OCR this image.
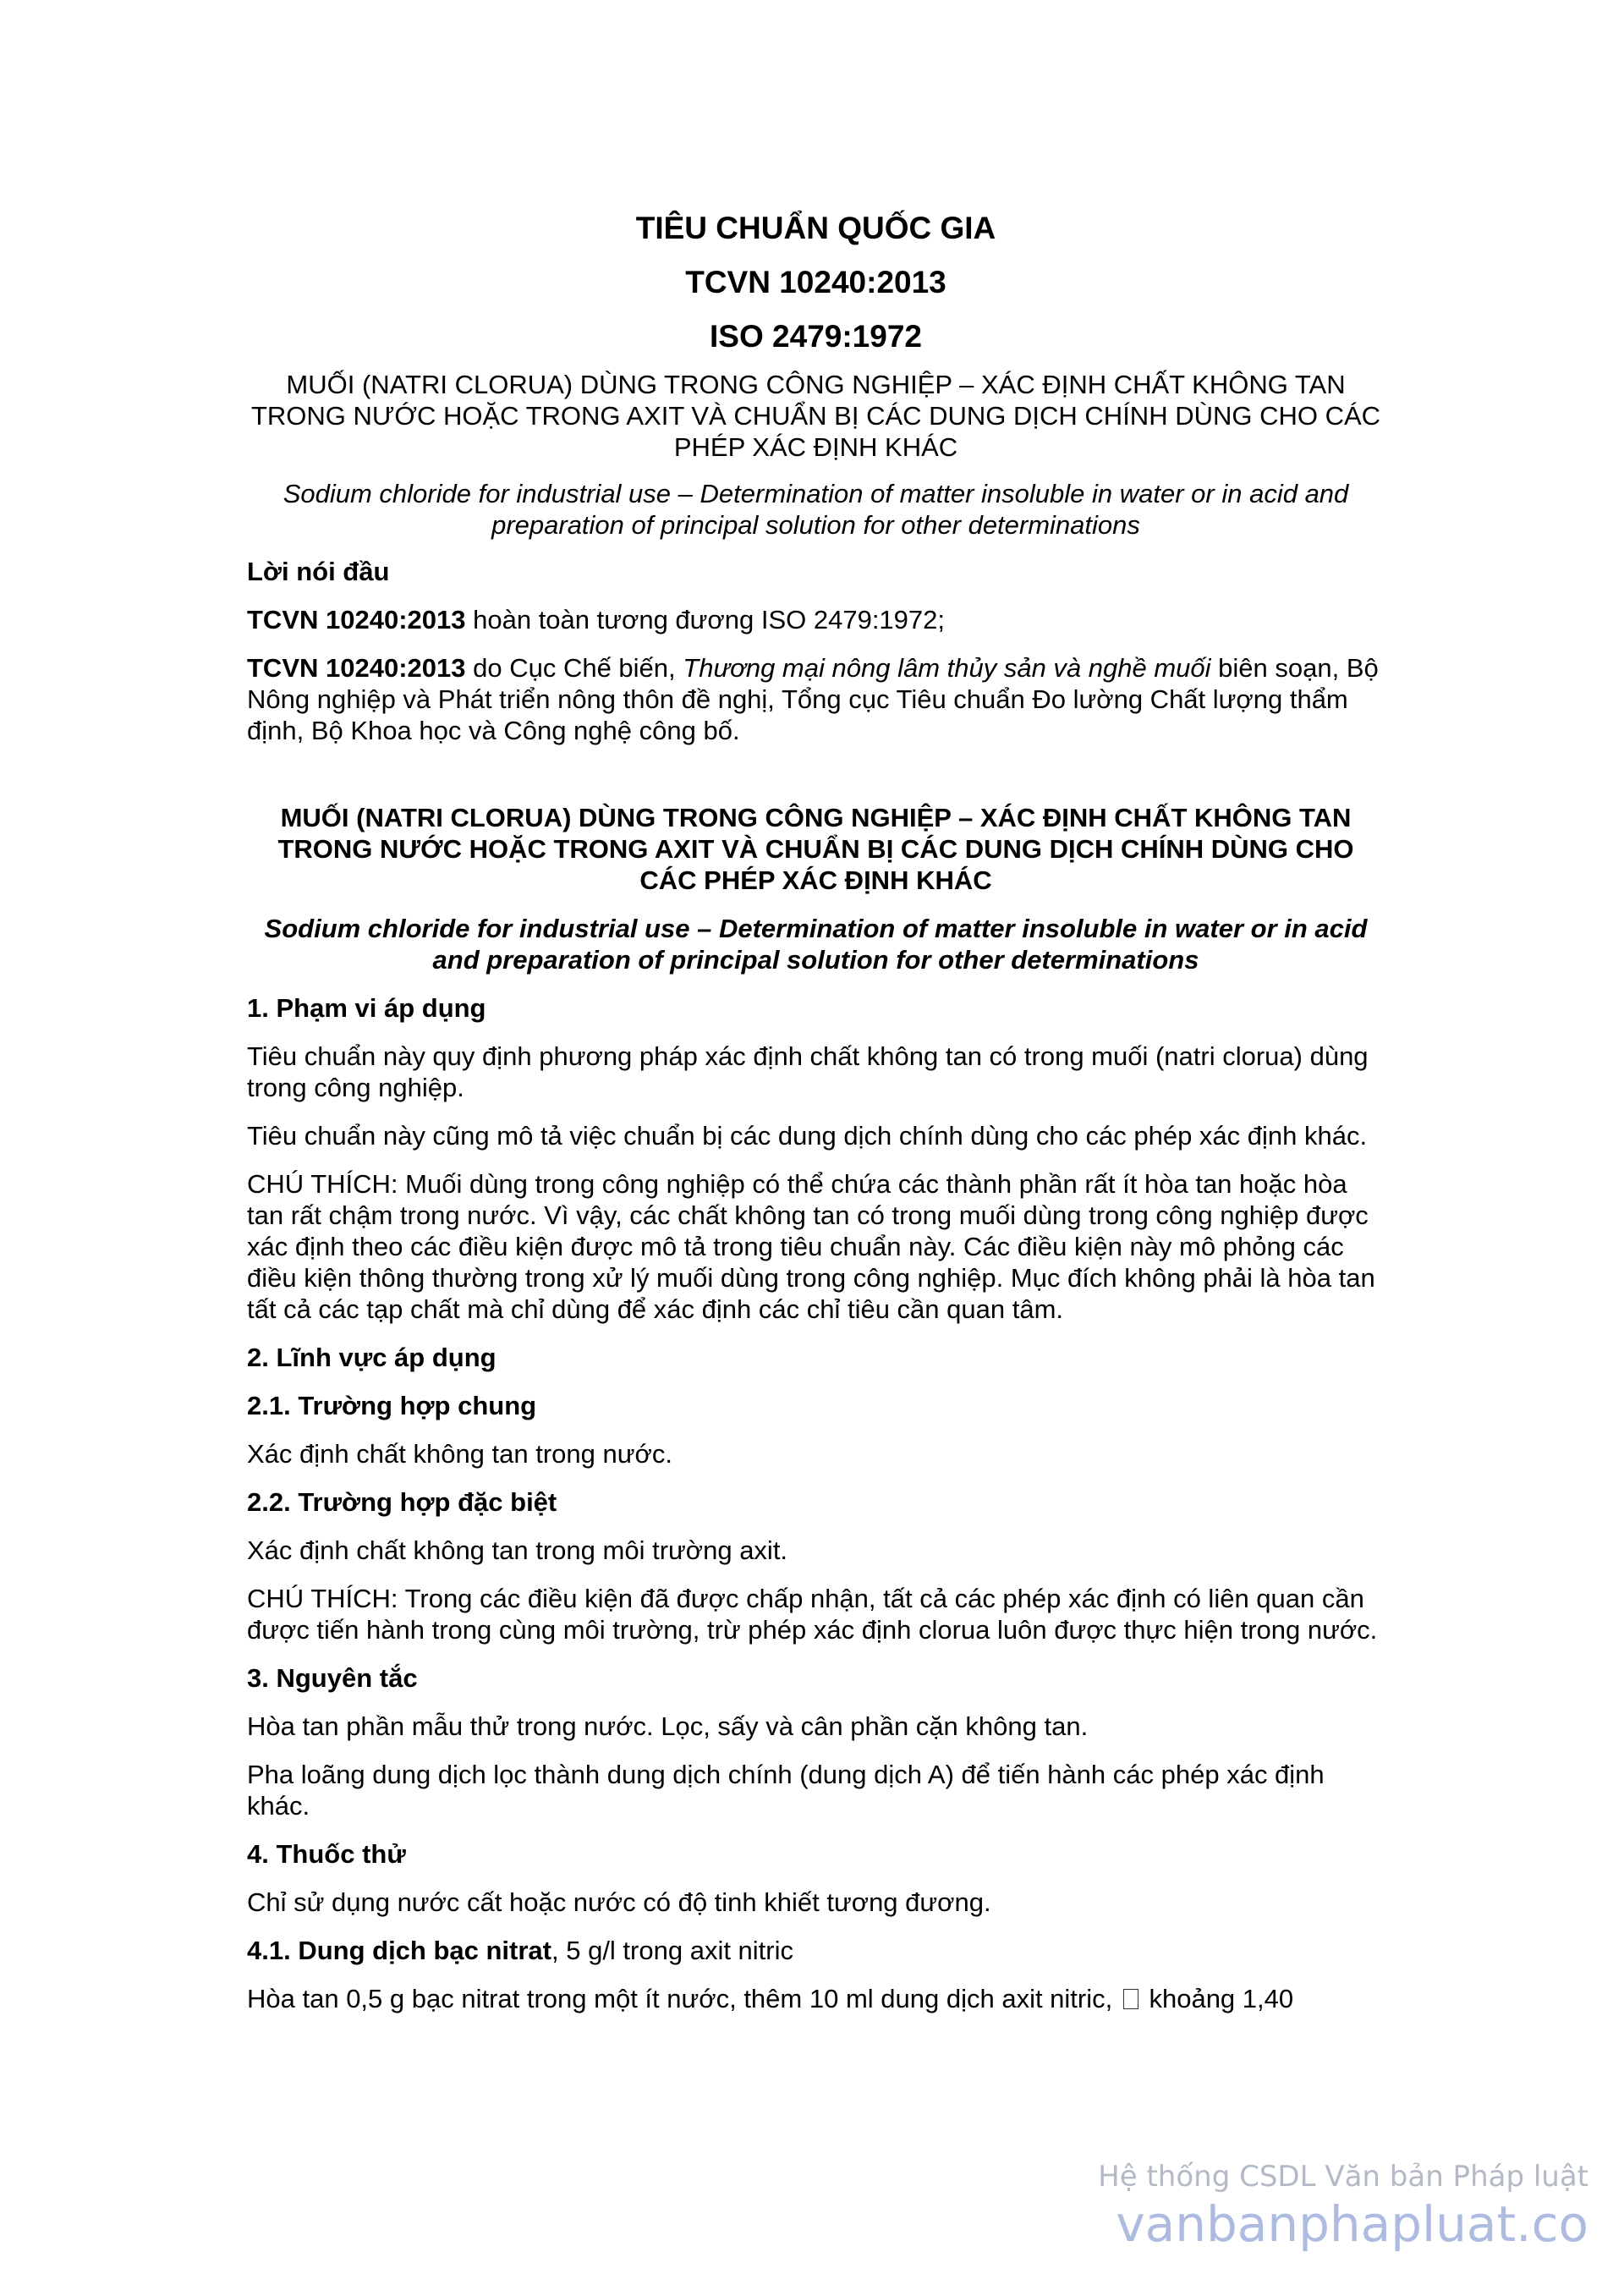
TIÊU CHUẨN QUỐC GIA
TCVN 10240:2013
ISO 2479:1972
MUỐI (NATRI CLORUA) DÙNG TRONG CÔNG NGHIỆP – XÁC ĐỊNH CHẤT KHÔNG TAN TRONG NƯỚC HOẶC TRONG AXIT VÀ CHUẨN BỊ CÁC DUNG DỊCH CHÍNH DÙNG CHO CÁC PHÉP XÁC ĐỊNH KHÁC
Sodium chloride for industrial use – Determination of matter insoluble in water or in acid and preparation of principal solution for other determinations
Lời nói đầu

TCVN 10240:2013 hoàn toàn tương đương ISO 2479:1972;

TCVN 10240:2013 do Cục Chế biến, Thương mại nông lâm thủy sản và nghề muối biên soạn, Bộ Nông nghiệp và Phát triển nông thôn đề nghị, Tổng cục Tiêu chuẩn Đo lường Chất lượng thẩm định, Bộ Khoa học và Công nghệ công bố.

MUỐI (NATRI CLORUA) DÙNG TRONG CÔNG NGHIỆP – XÁC ĐỊNH CHẤT KHÔNG TAN TRONG NƯỚC HOẶC TRONG AXIT VÀ CHUẨN BỊ CÁC DUNG DỊCH CHÍNH DÙNG CHO CÁC PHÉP XÁC ĐỊNH KHÁC
Sodium chloride for industrial use – Determination of matter insoluble in water or in acid and preparation of principal solution for other determinations
1. Phạm vi áp dụng

Tiêu chuẩn này quy định phương pháp xác định chất không tan có trong muối (natri clorua) dùng trong công nghiệp.

Tiêu chuẩn này cũng mô tả việc chuẩn bị các dung dịch chính dùng cho các phép xác định khác.

CHÚ THÍCH: Muối dùng trong công nghiệp có thể chứa các thành phần rất ít hòa tan hoặc hòa tan rất chậm trong nước. Vì vậy, các chất không tan có trong muối dùng trong công nghiệp được xác định theo các điều kiện được mô tả trong tiêu chuẩn này. Các điều kiện này mô phỏng các điều kiện thông thường trong xử lý muối dùng trong công nghiệp. Mục đích không phải là hòa tan tất cả các tạp chất mà chỉ dùng để xác định các chỉ tiêu cần quan tâm.

2. Lĩnh vực áp dụng
2.1. Trường hợp chung

Xác định chất không tan trong nước.

2.2. Trường hợp đặc biệt

Xác định chất không tan trong môi trường axit.

CHÚ THÍCH: Trong các điều kiện đã được chấp nhận, tất cả các phép xác định có liên quan cần được tiến hành trong cùng môi trường, trừ phép xác định clorua luôn được thực hiện trong nước.

3. Nguyên tắc

Hòa tan phần mẫu thử trong nước. Lọc, sấy và cân phần cặn không tan.

Pha loãng dung dịch lọc thành dung dịch chính (dung dịch A) để tiến hành các phép xác định khác.

4. Thuốc thử

Chỉ sử dụng nước cất hoặc nước có độ tinh khiết tương đương.

4.1. Dung dịch bạc nitrat, 5 g/l trong axit nitric

Hòa tan 0,5 g bạc nitrat trong một ít nước, thêm 10 ml dung dịch axit nitric,  khoảng 1,40

Hệ thống CSDL Văn bản Pháp luật
vanbanphapluat.co
